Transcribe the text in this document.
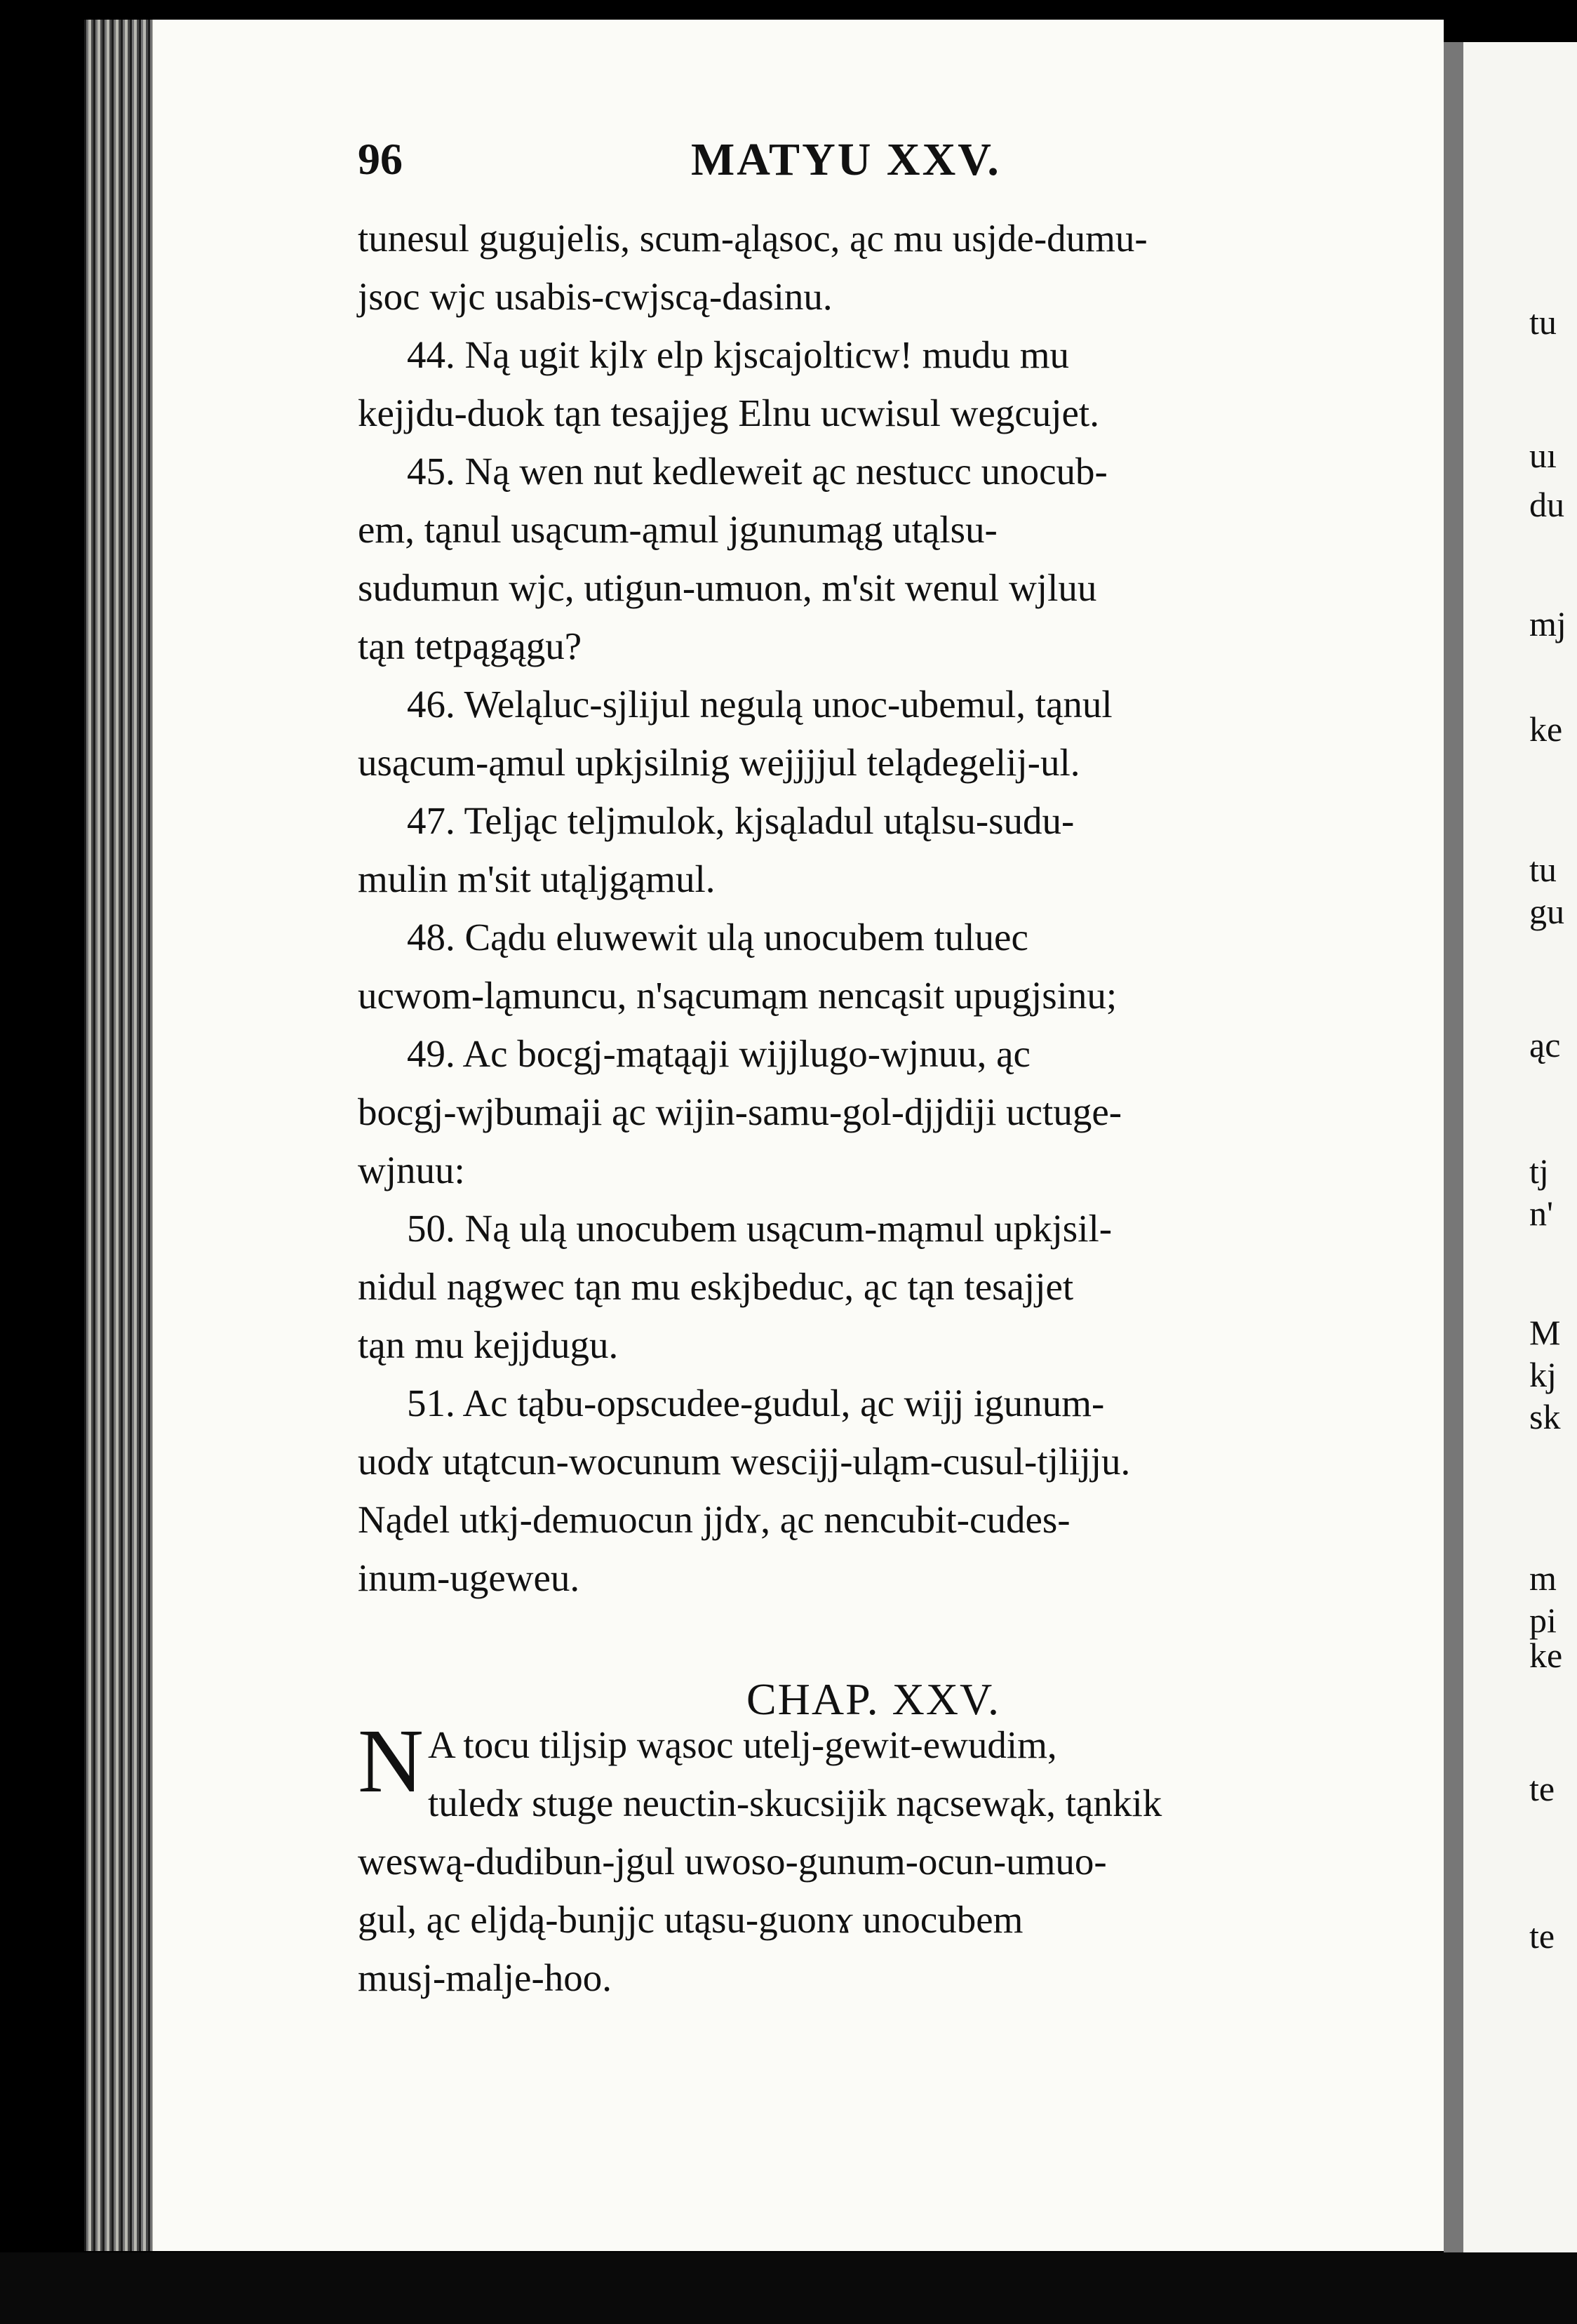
96	MATYU XXV.
tunesul gugujelis, scum-ąląsoc, ąc mu usjde-dumu-
jsoc wjc usabis-cwjscą-dasinu.
44. Ną ugit kjlɤ elp kjscajolticw! mudu mu
kejjdu-duok tąn tesajjeg Elnu ucwisul wegcujet.
45. Ną wen nut kedleweit ąc nestucc unocub-
em, tąnul usącum-ąmul jgunumąg utąlsu-
sudumun wjc, utigun-umuon, m'sit wenul wjluu
tąn tetpągągu?
46. Weląluc-sjlijul negulą unoc-ubemul, tąnul
usącum-ąmul upkjsilnig wejjjjul telądegelij-ul.
47. Teljąc teljmulok, kjsąladul utąlsu-sudu-
mulin m'sit utąljgąmul.
48. Cądu eluwewit ulą unocubem tuluec
ucwom-ląmuncu, n'sącumąm nencąsit upugjsinu;
49. Ac bocgj-mątąąji wijjlugo-wjnuu, ąc
bocgj-wjbumaji ąc wijin-samu-gol-djjdiji uctuge-
wjnuu:
50. Ną ulą unocubem usącum-mąmul upkjsil-
nidul nągwec tąn mu eskjbeduc, ąc tąn tesajjet
tąn mu kejjdugu.
51. Ac tąbu-opscudee-gudul, ąc wijj igunum-
uodɤ utątcun-wocunum wescijj-uląm-cusul-tjlijju.
Nądel utkj-demuocun jjdɤ, ąc nencubit-cudes-
inum-ugeweu.
CHAP. XXV.
N A tocu tiljsip wąsoc utelj-gewit-ewudim,
tuledɤ stuge neuctin-skucsijik nącsewąk, tąnkik
weswą-dudibun-jgul uwoso-gunum-ocun-umuo-
gul, ąc eljdą-bunjjc utąsu-guonɤ unocubem
musj-malje-hoo.
tu
uı
du
mj
ke
tu
gu
ąc
tj
n'
M
kj
sk
m
pi
ke
te
te
